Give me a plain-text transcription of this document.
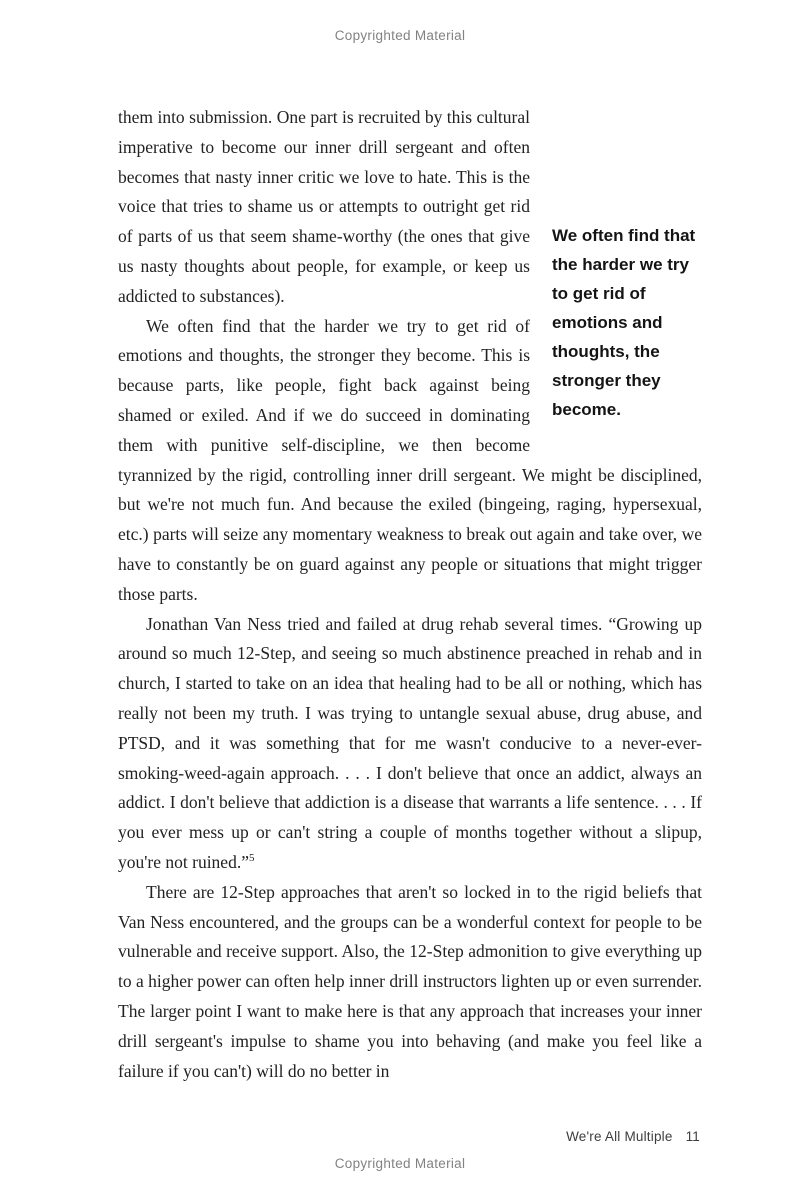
Copyrighted Material

We often find that the harder we try to get rid of emotions and thoughts, the stronger they become.
them into submission. One part is recruited by this cultural imperative to become our inner drill sergeant and often becomes that nasty inner critic we love to hate. This is the voice that tries to shame us or attempts to outright get rid of parts of us that seem shame-worthy (the ones that give us nasty thoughts about people, for example, or keep us addicted to substances).

We often find that the harder we try to get rid of emotions and thoughts, the stronger they become. This is because parts, like people, fight back against being shamed or exiled. And if we do succeed in dominating them with punitive self-discipline, we then become tyrannized by the rigid, controlling inner drill sergeant. We might be disciplined, but we're not much fun. And because the exiled (bingeing, raging, hypersexual, etc.) parts will seize any momentary weakness to break out again and take over, we have to constantly be on guard against any people or situations that might trigger those parts.

Jonathan Van Ness tried and failed at drug rehab several times. “Growing up around so much 12-Step, and seeing so much abstinence preached in rehab and in church, I started to take on an idea that healing had to be all or nothing, which has really not been my truth. I was trying to untangle sexual abuse, drug abuse, and PTSD, and it was something that for me wasn't conducive to a never-ever-smoking-weed-again approach. . . . I don't believe that once an addict, always an addict. I don't believe that addiction is a disease that warrants a life sentence. . . . If you ever mess up or can't string a couple of months together without a slipup, you're not ruined.”$^5$

There are 12-Step approaches that aren't so locked in to the rigid beliefs that Van Ness encountered, and the groups can be a wonderful context for people to be vulnerable and receive support. Also, the 12-Step admonition to give everything up to a higher power can often help inner drill instructors lighten up or even surrender. The larger point I want to make here is that any approach that increases your inner drill sergeant's impulse to shame you into behaving (and make you feel like a failure if you can't) will do no better in

We're All Multiple 11
Copyrighted Material
